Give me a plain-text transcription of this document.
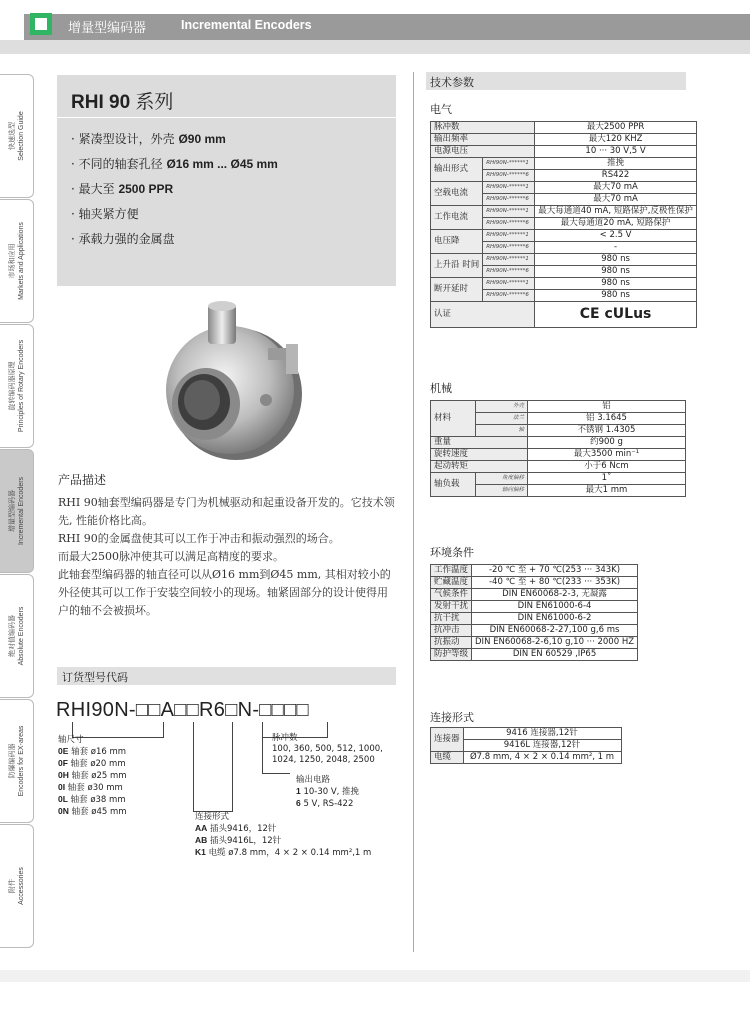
增量型编码器	Incremental Encoders
快速选型 Selection Guide
市场和应用 Markets and Applications
旋转编码器原理 Principles of Rotary Encoders
增量型编码器 Incremental Encoders
绝对值编码器 Absolute Encoders
防爆编码器 Encoders for EX-areas
附件 Accessories
RHI 90 系列
· 紧凑型设计，外壳 Ø90 mm
· 不同的轴套孔径 Ø16 mm ... Ø45 mm
· 最大至 2500 PPR
· 轴夹紧方便
· 承载力强的金属盘
产品描述

RHI 90轴套型编码器是专门为机械驱动和起重设备开发的。它技术领先, 性能价格比高。

RHI 90的金属盘使其可以工作于冲击和振动强烈的场合。

而最大2500脉冲使其可以满足高精度的要求。

此轴套型编码器的轴直径可以从Ø16 mm到Ø45 mm, 其相对较小的外径使其可以工作于安装空间较小的现场。轴紧固部分的设计使得用户的轴不会被损坏。

订货型号代码
RHI90N-□□A□□R6□N-□□□□
轴尺寸
0E 轴套 ø16 mm
0F 轴套 ø20 mm
0H 轴套 ø25 mm
0I 轴套 ø30 mm
0L 轴套 ø38 mm
0N 轴套 ø45 mm
脉冲数
100, 360, 500, 512, 1000,
1024, 1250, 2048, 2500
输出电路
1 10-30 V, 推挽
6 5 V, RS-422
连接形式
AA 插头9416，12针
AB 插头9416L，12针
K1 电缆 ø7.8 mm，4 × 2 × 0.14 mm²,1 m
技术参数
电气
脉冲数		最大2500 PPR
输出频率		最大120 KHZ
电源电压		10 ··· 30 V,5 V
输出形式	RHI90N-******1	推挽
	RHI90N-******6	RS422
空载电流	RHI90N-******1	最大70 mA
	RHI90N-******6	最大70 mA
工作电流	RHI90N-******1	最大每通道40 mA, 短路保护,反极性保护
	RHI90N-******6	最大每通道20 mA, 短路保护
电压降	RHI90N-******1	< 2.5 V
	RHI90N-******6	-
上升沿 时间	RHI90N-******1	980 ns
	RHI90N-******6	980 ns
断开延时	RHI90N-******1	980 ns
	RHI90N-******6	980 ns
认证		CE cULus
机械
材料	外壳	铝
	法兰	铝 3.1645
	轴	不锈钢 1.4305
重量		约900 g
旋转速度		最大3500 min⁻¹
起动转矩		小于6 Ncm
轴负载	角度偏移	1˚
	轴向偏移	最大1 mm
环境条件
工作温度	-20 ℃ 至 + 70 ℃(253 ··· 343K)
贮藏温度	-40 ℃ 至 + 80 ℃(233 ··· 353K)
气候条件	DIN EN60068-2-3, 无凝露
发射干扰	DIN EN61000-6-4
抗干扰	DIN EN61000-6-2
抗冲击	DIN EN60068-2-27,100 g,6 ms
抗振动	DIN EN60068-2-6,10 g,10 ··· 2000 HZ
防护等级	DIN EN 60529 ,IP65
连接形式
连接器	9416 连接器,12针
	9416L 连接器,12针
电缆	Ø7.8 mm, 4 × 2 × 0.14 mm², 1 m
